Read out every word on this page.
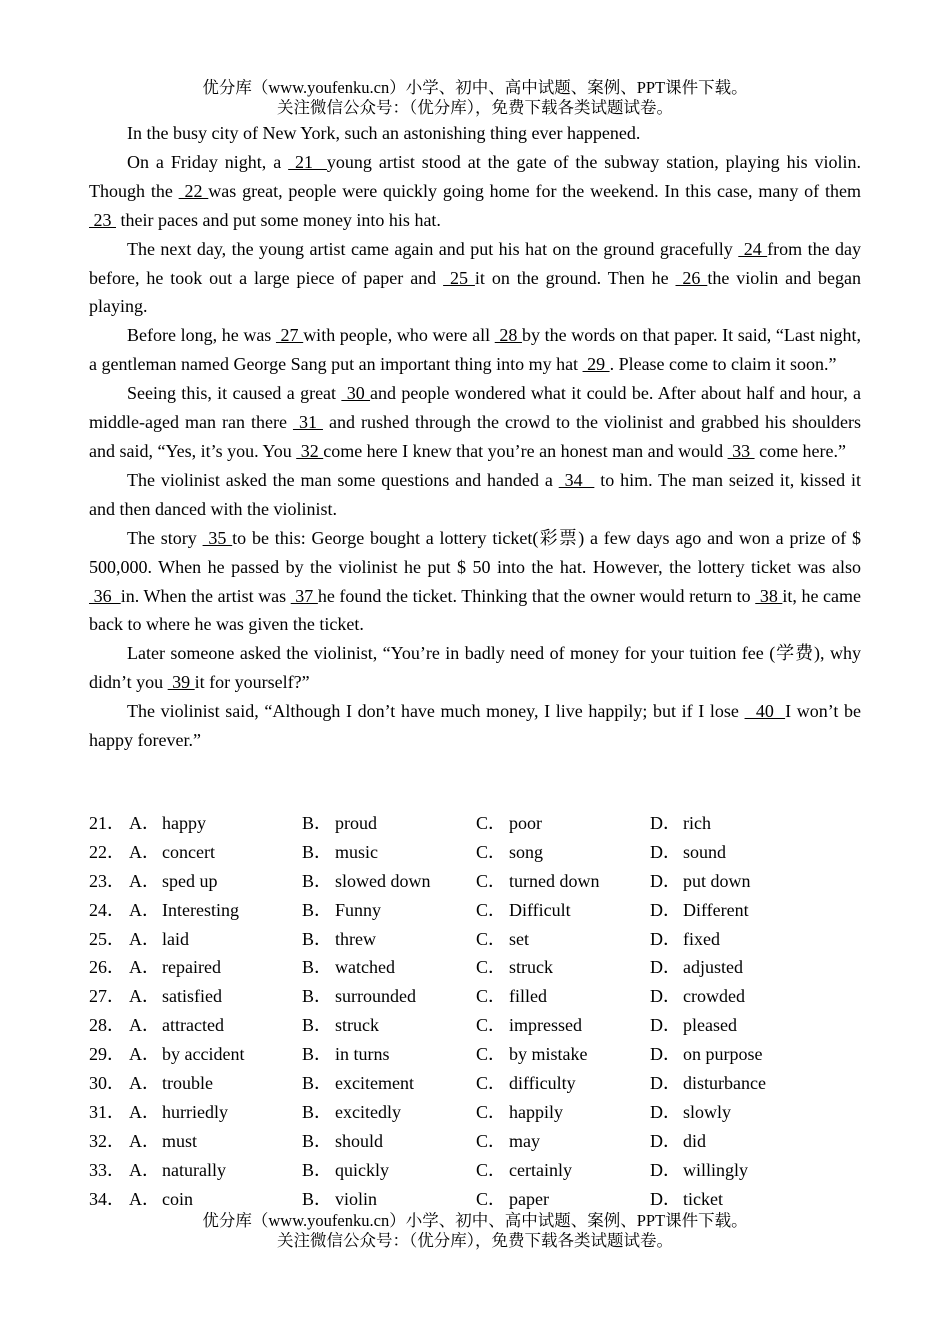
优分库（www.youfenku.cn）小学、初中、高中试题、案例、PPT课件下载。
关注微信公众号：（优分库），免费下载各类试题试卷。

In the busy city of New York, such an astonishing thing ever happened.

On a Friday night, a  21  young artist stood at the gate of the subway station, playing his violin. Though the  22 was great, people were quickly going home for the weekend. In this case, many of them  23  their paces and put some money into his hat.

The next day, the young artist came again and put his hat on the ground gracefully  24 from the day before, he took out a large piece of paper and  25 it on the ground. Then he  26 the violin and began playing.

Before long, he was  27 with people, who were all  28 by the words on that paper. It said, “Last night, a gentleman named George Sang put an important thing into my hat  29 . Please come to claim it soon.”

Seeing this, it caused a great  30 and people wondered what it could be. After about half and hour, a middle-aged man ran there  31  and rushed through the crowd to the violinist and grabbed his shoulders and said, “Yes, it’s you. You  32 come here I knew that you’re an honest man and would  33  come here.”

The violinist asked the man some questions and handed a  34   to him. The man seized it, kissed it and then danced with the violinist.

The story  35 to be this: George bought a lottery ticket(彩票) a few days ago and won a prize of $ 500,000. When he passed by the violinist he put $ 50 into the hat. However, the lottery ticket was also  36  in. When the artist was  37 he found the ticket. Thinking that the owner would return to  38 it, he came back to where he was given the ticket.

Later someone asked the violinist, “You’re in badly need of money for your tuition fee (学费), why didn’t you  39 it for yourself?”

The violinist said, “Although I don’t have much money, I live happily; but if I lose   40  I won’t be happy forever.”

21． A． happy	B． proud	C． poor	D． rich
22． A． concert	B． music	C． song	D． sound
23． A． sped up	B． slowed down	C． turned down	D． put down
24． A． Interesting	B． Funny	C． Difficult	D． Different
25． A． laid	B． threw	C． set	D． fixed
26． A． repaired	B． watched	C． struck	D． adjusted
27． A． satisfied	B． surrounded	C． filled	D． crowded
28． A． attracted	B． struck	C． impressed	D． pleased
29． A． by accident	B． in turns	C． by mistake	D． on purpose
30． A． trouble	B． excitement	C． difficulty	D． disturbance
31． A． hurriedly	B． excitedly	C． happily	D． slowly
32． A． must	B． should	C． may	D． did
33． A． naturally	B． quickly	C． certainly	D． willingly
34． A． coin	B． violin	C． paper	D． ticket
优分库（www.youfenku.cn）小学、初中、高中试题、案例、PPT课件下载。
关注微信公众号：（优分库），免费下载各类试题试卷。
